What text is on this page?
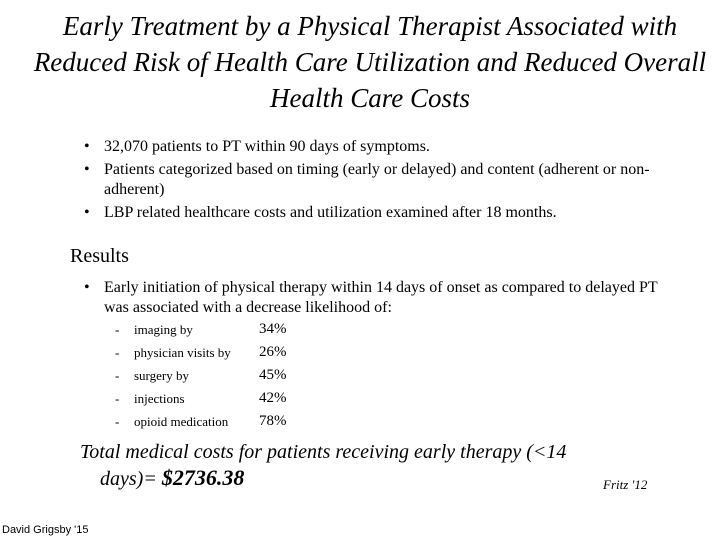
Early Treatment by a Physical Therapist Associated with Reduced Risk of Health Care Utilization and Reduced Overall Health Care Costs
• 32,070 patients to PT within 90 days of symptoms.
• Patients categorized based on timing (early or delayed) and content (adherent or non-adherent)
• LBP related healthcare costs and utilization examined after 18 months.
Results
• Early initiation of physical therapy within 14 days of onset as compared to delayed PT was associated with a decrease likelihood of:
- imaging by	34%
- physician visits by 26%
- surgery by	45%
- injections	42%
- opioid medication 78%
Total medical costs for patients receiving early therapy (<14
days)= $2736.38	Fritz '12
David Grigsby '15
